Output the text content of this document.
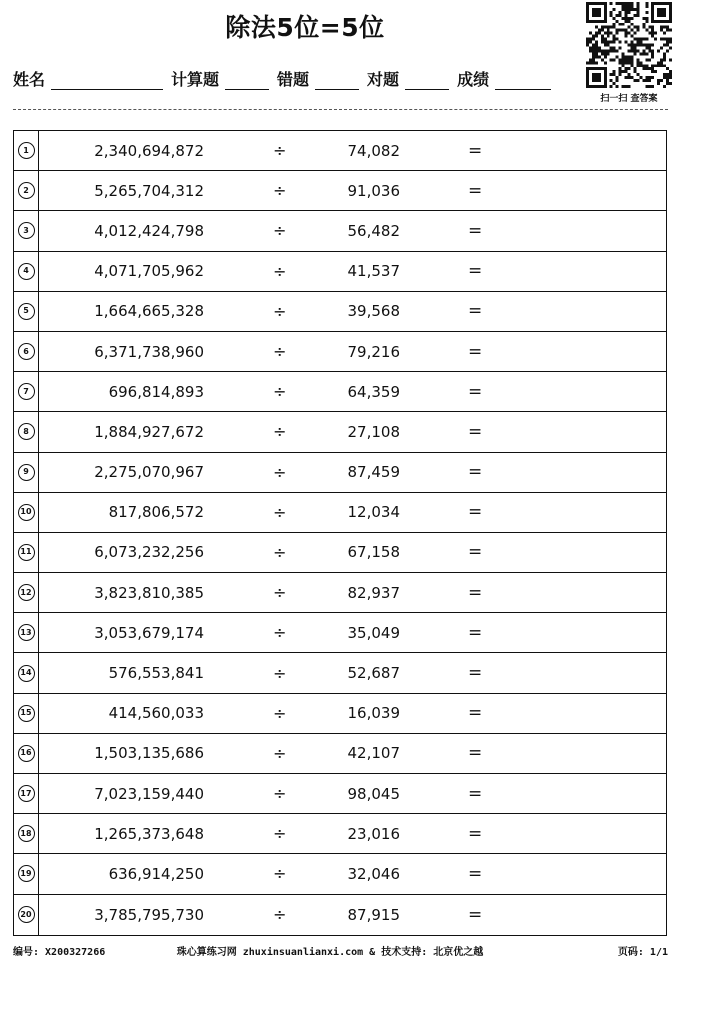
除法5位=5位
扫一扫 查答案
姓名	计算题	错题	对题	成绩
1	2,340,694,872	÷	74,082	=
2	5,265,704,312	÷	91,036	=
3	4,012,424,798	÷	56,482	=
4	4,071,705,962	÷	41,537	=
5	1,664,665,328	÷	39,568	=
6	6,371,738,960	÷	79,216	=
7	696,814,893	÷	64,359	=
8	1,884,927,672	÷	27,108	=
9	2,275,070,967	÷	87,459	=
10	817,806,572	÷	12,034	=
11	6,073,232,256	÷	67,158	=
12	3,823,810,385	÷	82,937	=
13	3,053,679,174	÷	35,049	=
14	576,553,841	÷	52,687	=
15	414,560,033	÷	16,039	=
16	1,503,135,686	÷	42,107	=
17	7,023,159,440	÷	98,045	=
18	1,265,373,648	÷	23,016	=
19	636,914,250	÷	32,046	=
20	3,785,795,730	÷	87,915	=
编号: X200327266	珠心算练习网 zhuxinsuanlianxi.com & 技术支持: 北京优之越	页码: 1/1
